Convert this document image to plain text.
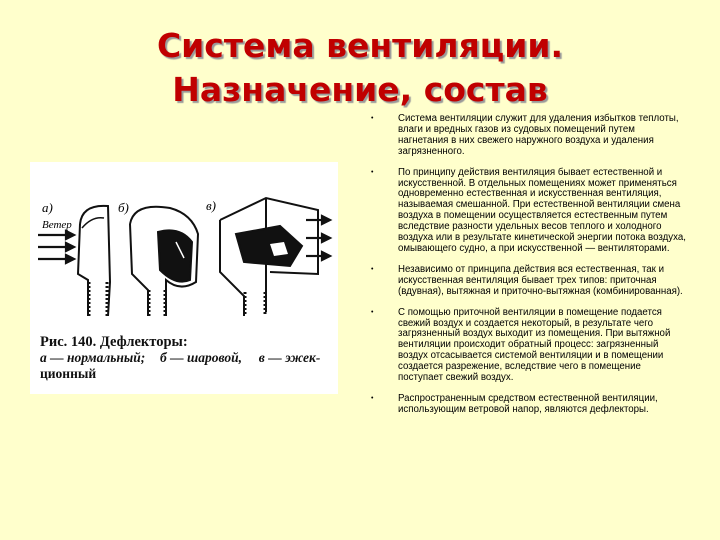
Система вентиляции.
Назначение, состав
а)	б)	в)
Ветер
Рис. 140. Дефлекторы:
а — нормальный; б — шаровой, в — эжек-
ционный
•	Система вентиляции служит для удаления избытков теплоты, влаги и вредных газов из судовых помещений путем нагнетания в них свежего наружного воздуха и удаления загрязненного.
•	По принципу действия вентиляция бывает естественной и искусственной. В отдельных помещениях может применяться одновременно естественная и искусственная вентиляция, называемая смешанной. При естественной вентиляции смена воздуха в помещении осуществляется естественным путем вследствие разности удельных весов теплого и холодного воздуха или в результате кинетической энергии потока воздуха, омывающего судно, а при искусственной — вентиляторами.
•	Независимо от принципа действия вся естественная, так и искусственная вентиляция бывает трех типов: приточная (вдувная), вытяжная и приточно-вытяжная (комбинированная).
•	С помощью приточной вентиляции в помещение подается свежий воздух и создается некоторый, в результате чего загрязненный воздух выходит из помещения. При вытяжной вентиляции происходит обратный процесс: загрязненный воздух отсасывается системой вентиляции и в помещении создается разрежение, вследствие чего в помещение поступает свежий воздух.
•	Распространенным средством естественной вентиляции, использующим ветровой напор, являются дефлекторы.
